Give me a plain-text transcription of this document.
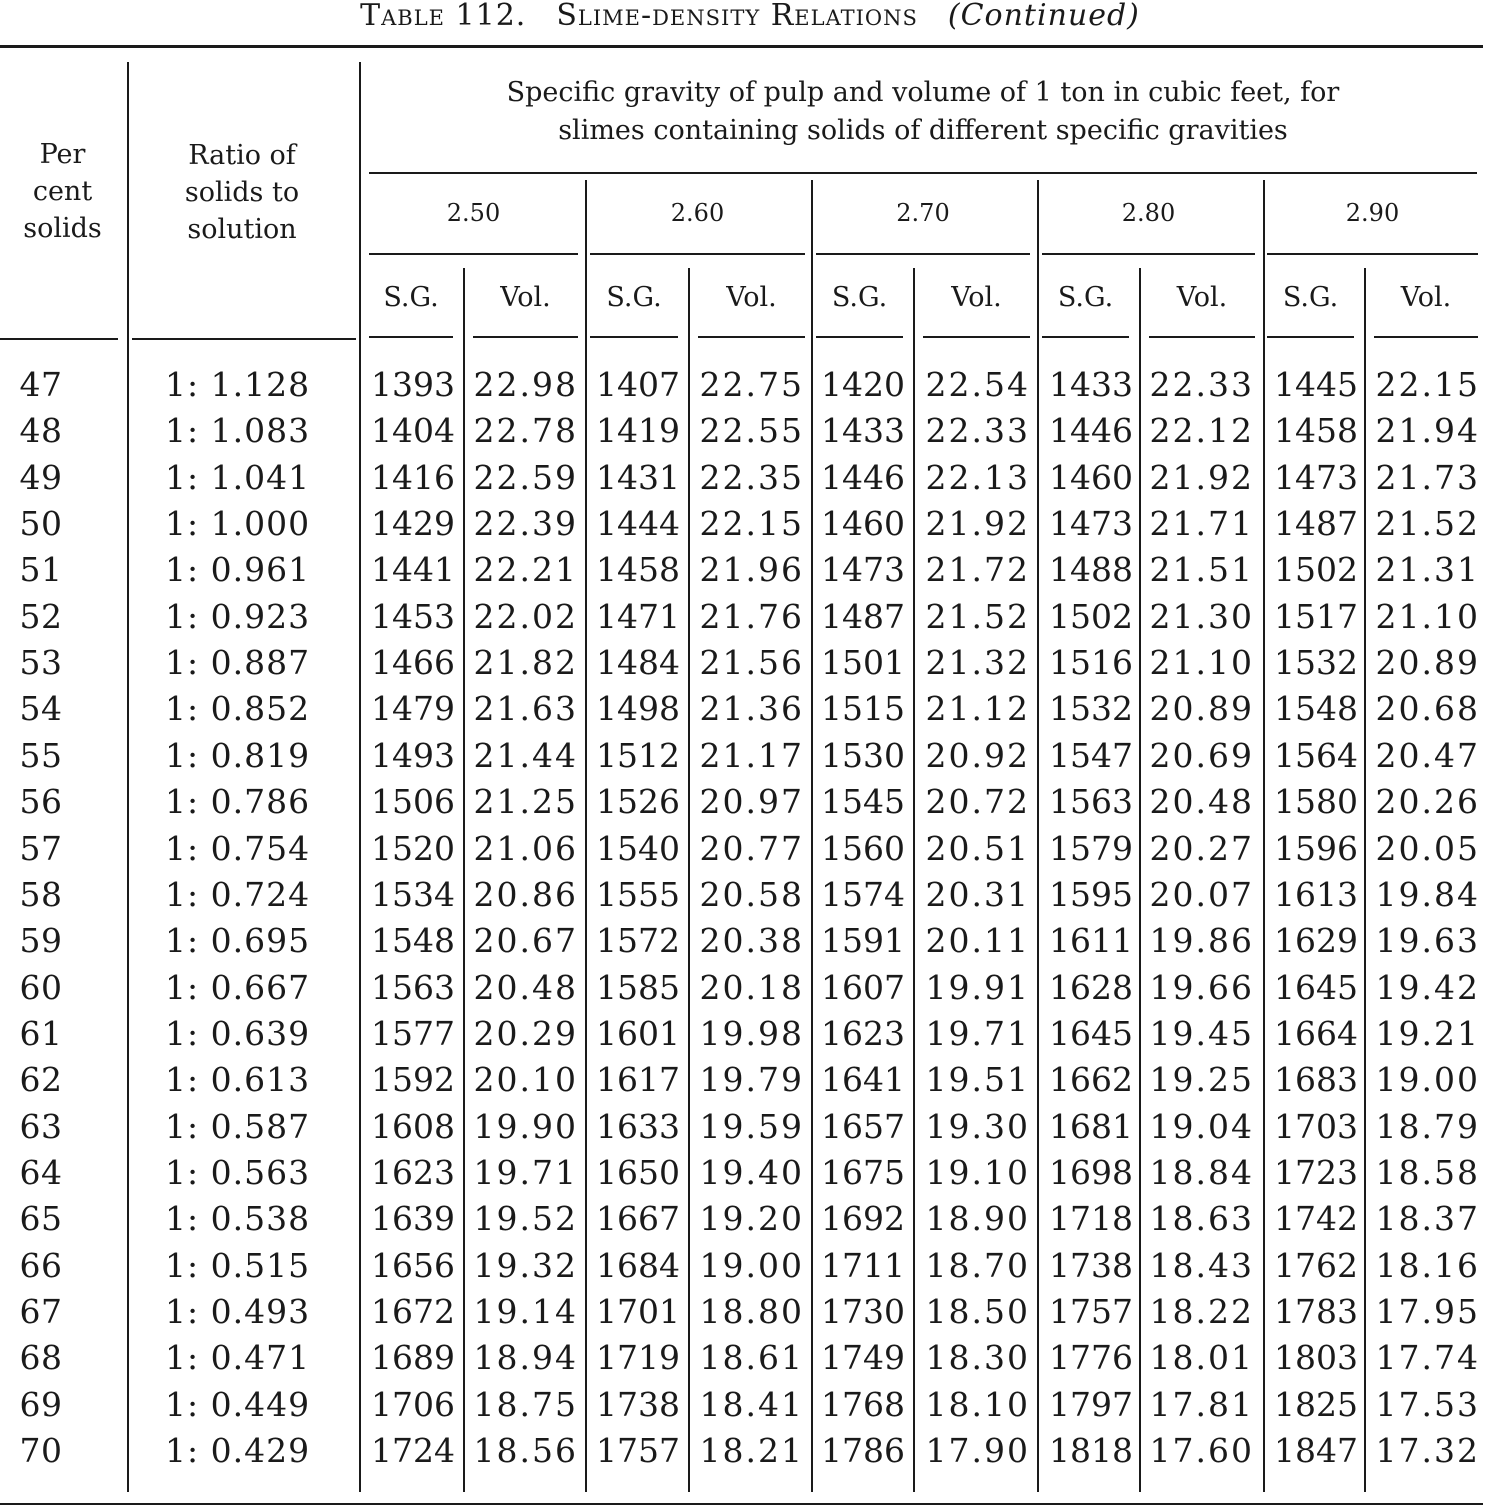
Table 112. Slime-density Relations (Continued)
Per
cent
solids
Ratio of
solids to
solution
Specific gravity of pulp and volume of 1 ton in cubic feet, for
slimes containing solids of different specific gravities
2.50
S.G.	Vol.
2.60
S.G.	Vol.
2.70
S.G.	Vol.
2.80
S.G.	Vol.
2.90
S.G.	Vol.
47	1: 1.128	1393 22.98 1407 22.75 1420 22.54 1433 22.33 1445 22.15
48	1: 1.083	1404 22.78 1419 22.55 1433 22.33 1446 22.12 1458 21.94
49	1: 1.041	1416 22.59 1431 22.35 1446 22.13 1460 21.92 1473 21.73
50	1: 1.000	1429 22.39 1444 22.15 1460 21.92 1473 21.71 1487 21.52
51	1: 0.961	1441 22.21 1458 21.96 1473 21.72 1488 21.51 1502 21.31
52	1: 0.923	1453 22.02 1471 21.76 1487 21.52 1502 21.30 1517 21.10
53	1: 0.887	1466 21.82 1484 21.56 1501 21.32 1516 21.10 1532 20.89
54	1: 0.852	1479 21.63 1498 21.36 1515 21.12 1532 20.89 1548 20.68
55	1: 0.819	1493 21.44 1512 21.17 1530 20.92 1547 20.69 1564 20.47
56	1: 0.786	1506 21.25 1526 20.97 1545 20.72 1563 20.48 1580 20.26
57	1: 0.754	1520 21.06 1540 20.77 1560 20.51 1579 20.27 1596 20.05
58	1: 0.724	1534 20.86 1555 20.58 1574 20.31 1595 20.07 1613 19.84
59	1: 0.695	1548 20.67 1572 20.38 1591 20.11 1611 19.86 1629 19.63
60	1: 0.667	1563 20.48 1585 20.18 1607 19.91 1628 19.66 1645 19.42
61	1: 0.639	1577 20.29 1601 19.98 1623 19.71 1645 19.45 1664 19.21
62	1: 0.613	1592 20.10 1617 19.79 1641 19.51 1662 19.25 1683 19.00
63	1: 0.587	1608 19.90 1633 19.59 1657 19.30 1681 19.04 1703 18.79
64	1: 0.563	1623 19.71 1650 19.40 1675 19.10 1698 18.84 1723 18.58
65	1: 0.538	1639 19.52 1667 19.20 1692 18.90 1718 18.63 1742 18.37
66	1: 0.515	1656 19.32 1684 19.00 1711 18.70 1738 18.43 1762 18.16
67	1: 0.493	1672 19.14 1701 18.80 1730 18.50 1757 18.22 1783 17.95
68	1: 0.471	1689 18.94 1719 18.61 1749 18.30 1776 18.01 1803 17.74
69	1: 0.449	1706 18.75 1738 18.41 1768 18.10 1797 17.81 1825 17.53
70	1: 0.429	1724 18.56 1757 18.21 1786 17.90 1818 17.60 1847 17.32
